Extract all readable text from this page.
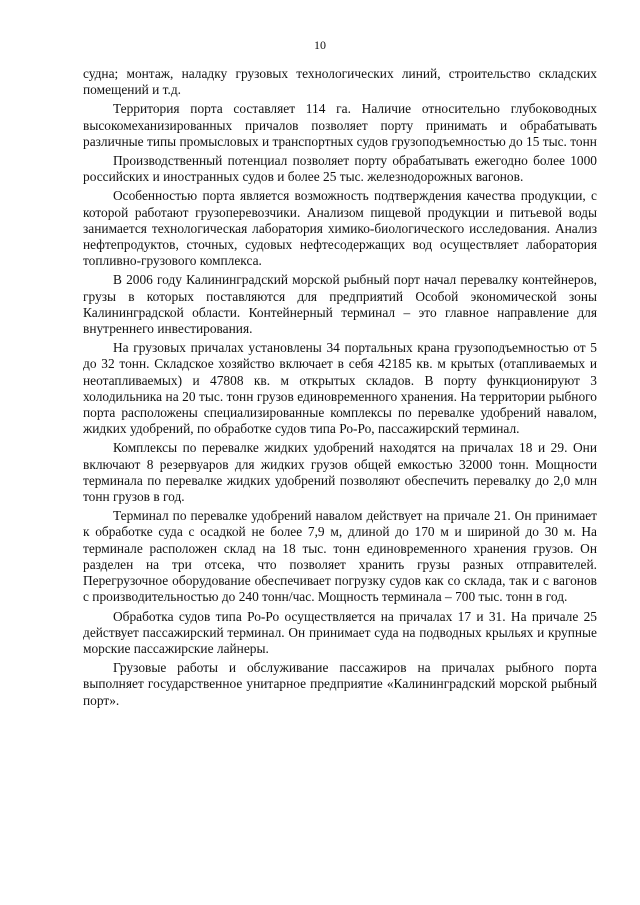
10

судна; монтаж, наладку грузовых технологических линий, строительство складских помещений и т.д.

Территория порта составляет 114 га. Наличие относительно глубоководных высокомеханизированных причалов позволяет порту принимать и обрабатывать различные типы промысловых и транспортных судов грузоподъемностью до 15 тыс. тонн

Производственный потенциал позволяет порту обрабатывать ежегодно более 1000 российских и иностранных судов и более 25 тыс. железнодорожных вагонов.

Особенностью порта является возможность подтверждения качества продукции, с которой работают грузоперевозчики. Анализом пищевой продукции и питьевой воды занимается технологическая лаборатория химико-биологического исследования. Анализ нефтепродуктов, сточных, судовых нефтесодержащих вод осуществляет лаборатория топливно-грузового комплекса.

В 2006 году Калининградский морской рыбный порт начал перевалку контейнеров, грузы в которых поставляются для предприятий Особой экономической зоны Калининградской области. Контейнерный терминал – это главное направление для внутреннего инвестирования.

На грузовых причалах установлены 34 портальных крана грузоподъемностью от 5 до 32 тонн. Складское хозяйство включает в себя 42185 кв. м крытых (отапливаемых и неотапливаемых) и 47808 кв. м открытых складов. В порту функционируют 3 холодильника на 20 тыс. тонн грузов единовременного хранения. На территории рыбного порта расположены специализированные комплексы по перевалке удобрений навалом, жидких удобрений, по обработке судов типа Ро-Ро, пассажирский терминал.

Комплексы по перевалке жидких удобрений находятся на причалах 18 и 29. Они включают 8 резервуаров для жидких грузов общей емкостью 32000 тонн. Мощности терминала по перевалке жидких удобрений позволяют обеспечить перевалку до 2,0 млн тонн грузов в год.

Терминал по перевалке удобрений навалом действует на причале 21. Он принимает к обработке суда с осадкой не более 7,9 м, длиной до 170 м и шириной до 30 м. На терминале расположен склад на 18 тыс. тонн единовременного хранения грузов. Он разделен на три отсека, что позволяет хранить грузы разных отправителей. Перегрузочное оборудование обеспечивает погрузку судов как со склада, так и с вагонов с производительностью до 240 тонн/час. Мощность терминала – 700 тыс. тонн в год.

Обработка судов типа Ро-Ро осуществляется на причалах 17 и 31. На причале 25 действует пассажирский терминал. Он принимает суда на подводных крыльях и крупные морские пассажирские лайнеры.

Грузовые работы и обслуживание пассажиров на причалах рыбного порта выполняет государственное унитарное предприятие «Калининградский морской рыбный порт».
